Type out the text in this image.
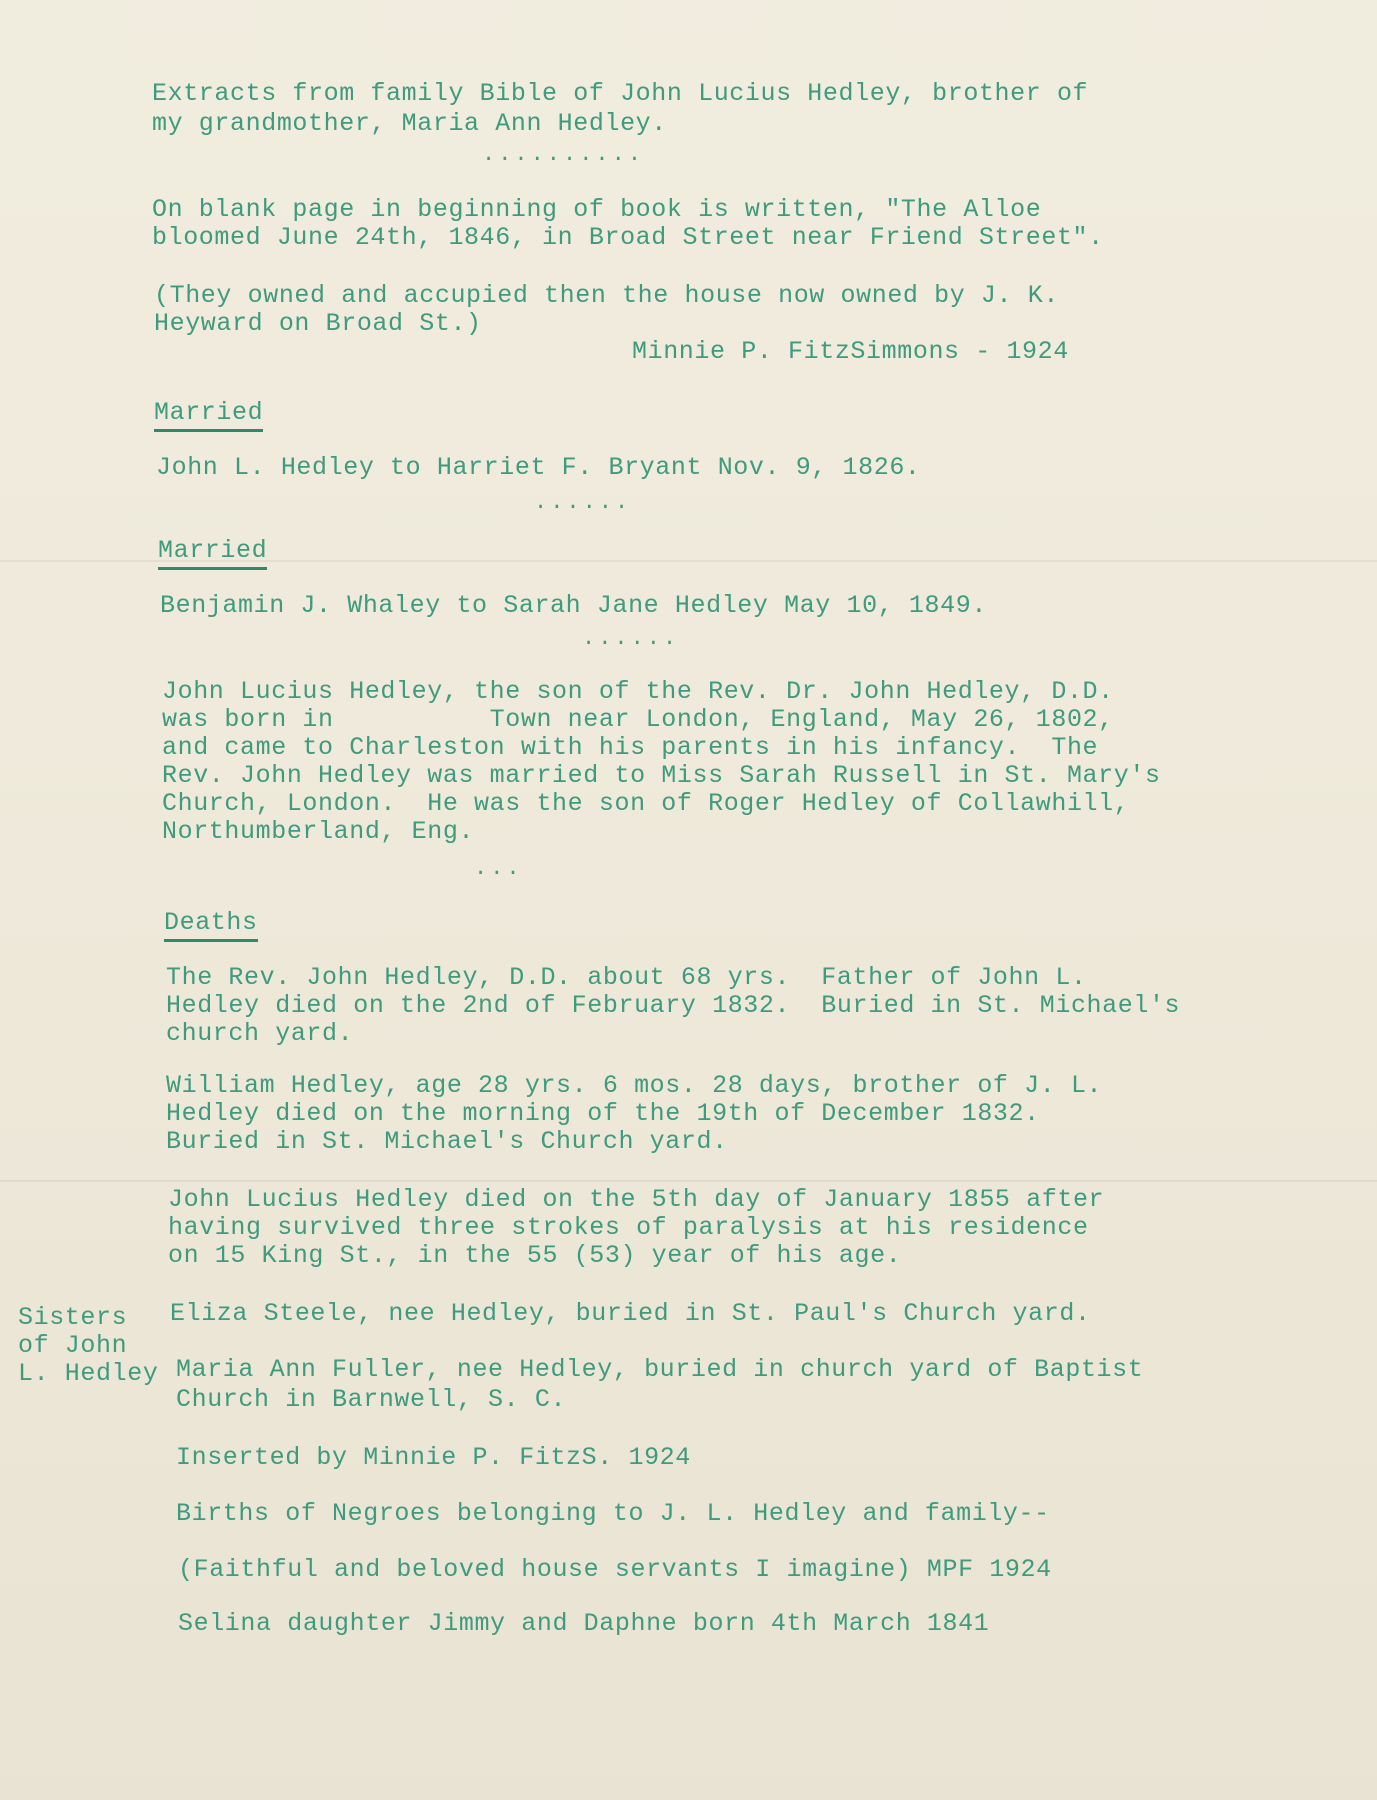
Extracts from family Bible of John Lucius Hedley, brother of
my grandmother, Maria Ann Hedley.
..........
On blank page in beginning of book is written, "The Alloe
bloomed June 24th, 1846, in Broad Street near Friend Street".
(They owned and accupied then the house now owned by J. K.
Heyward on Broad St.)
Minnie P. FitzSimmons - 1924
Married
John L. Hedley to Harriet F. Bryant Nov. 9, 1826.
......
Married
Benjamin J. Whaley to Sarah Jane Hedley May 10, 1849.
......
John Lucius Hedley, the son of the Rev. Dr. John Hedley, D.D.
was born in          Town near London, England, May 26, 1802,
and came to Charleston with his parents in his infancy.  The
Rev. John Hedley was married to Miss Sarah Russell in St. Mary's
Church, London.  He was the son of Roger Hedley of Collawhill,
Northumberland, Eng.
...
Deaths
The Rev. John Hedley, D.D. about 68 yrs.  Father of John L.
Hedley died on the 2nd of February 1832.  Buried in St. Michael's
church yard.
William Hedley, age 28 yrs. 6 mos. 28 days, brother of J. L.
Hedley died on the morning of the 19th of December 1832.
Buried in St. Michael's Church yard.
John Lucius Hedley died on the 5th day of January 1855 after
having survived three strokes of paralysis at his residence
on 15 King St., in the 55 (53) year of his age.
Sisters
of John
L. Hedley
Eliza Steele, nee Hedley, buried in St. Paul's Church yard.
Maria Ann Fuller, nee Hedley, buried in church yard of Baptist
Church in Barnwell, S. C.
Inserted by Minnie P. FitzS. 1924
Births of Negroes belonging to J. L. Hedley and family--
(Faithful and beloved house servants I imagine) MPF 1924
Selina daughter Jimmy and Daphne born 4th March 1841
